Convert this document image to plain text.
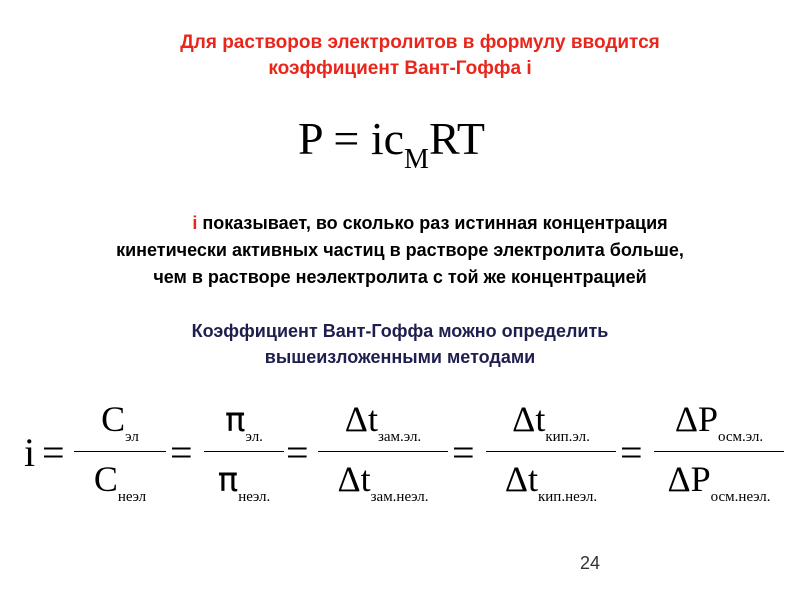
Для растворов электролитов в формулу вводится
коэффициент Вант-Гоффа i
$P = ic_MRT$
i показывает, во сколько раз истинная концентрация
кинетически активных частиц в растворе электролита больше,
чем в растворе неэлектролита с той же концентрацией
Коэффициент Вант-Гоффа можно определить
вышеизложенными методами
i =
$C_{эл}$
$C_{неэл}$
=
$\pi_{эл.}$
$\pi_{неэл.}$
=
$\Delta t_{зам.эл.}$
$\Delta t_{зам.неэл.}$
=
$\Delta t_{кип.эл.}$
$\Delta t_{кип.неэл.}$
=
$\Delta P_{осм.эл.}$
$\Delta P_{осм.неэл.}$
24
